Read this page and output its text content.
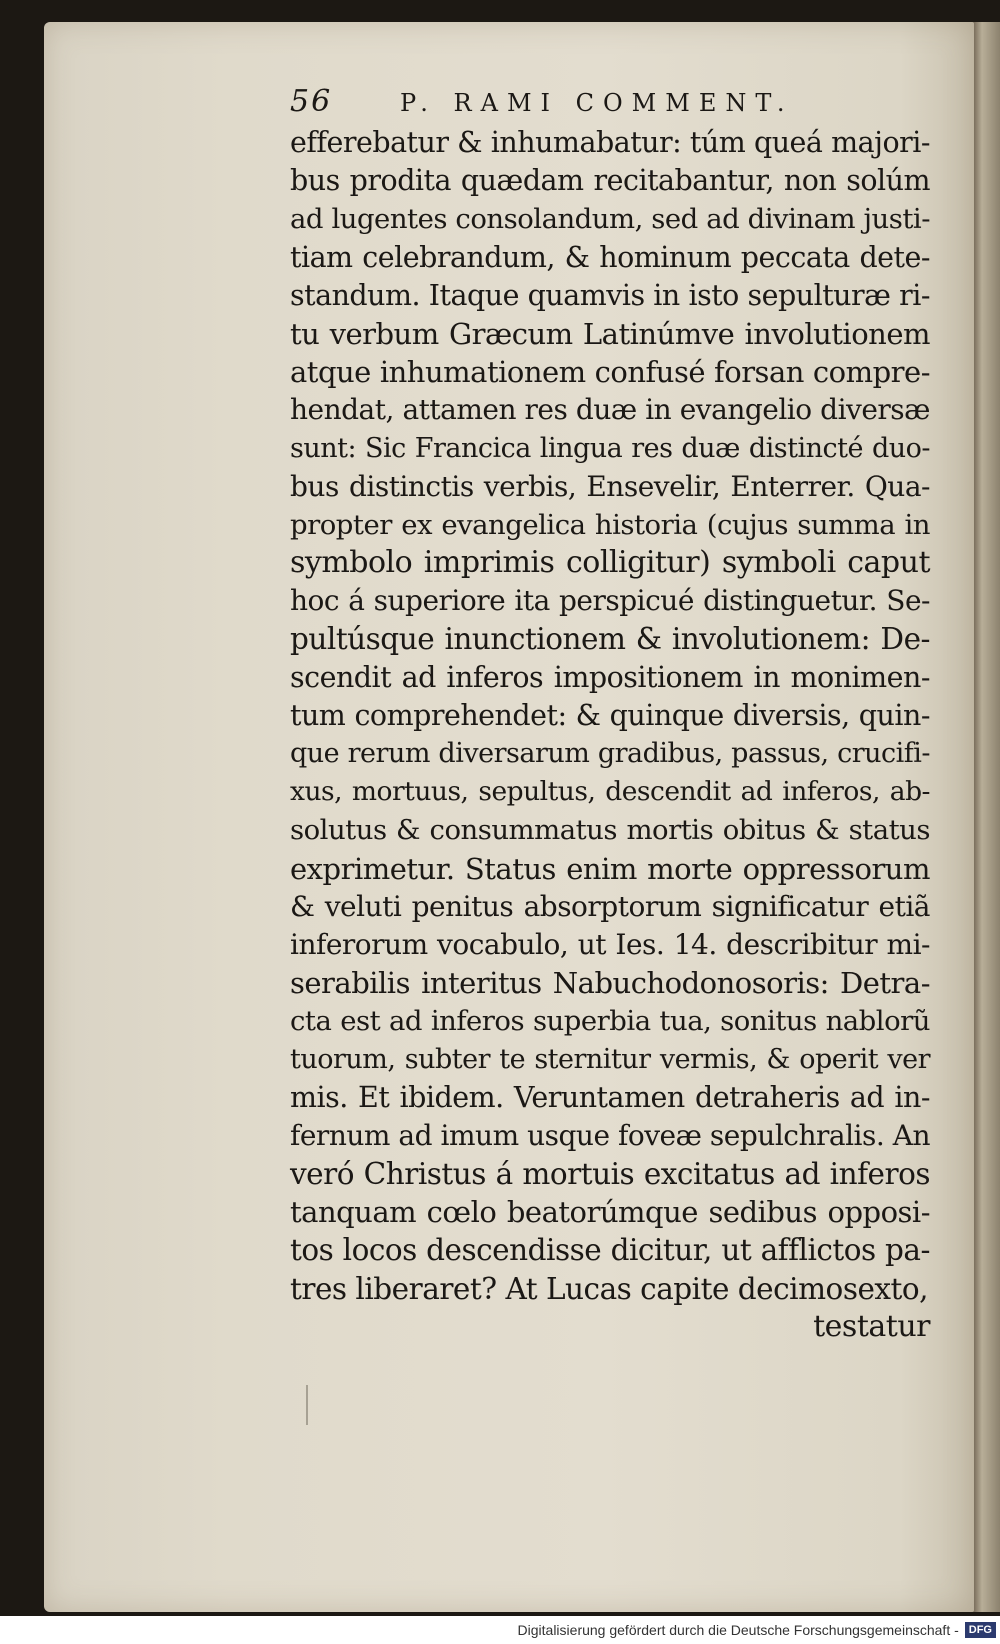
56	P. RAMI COMMENT.
efferebatur & inhumabatur: túm queá majori-
bus prodita quædam recitabantur, non solúm
ad lugentes consolandum, sed ad divinam justi-
tiam celebrandum, & hominum peccata dete-
standum. Itaque quamvis in isto sepulturæ ri-
tu verbum Græcum Latinúmve involutionem
atque inhumationem confusé forsan compre-
hendat, attamen res duæ in evangelio diversæ
sunt: Sic Francica lingua res duæ distincté duo-
bus distinctis verbis, Ensevelir, Enterrer. Qua-
propter ex evangelica historia (cujus summa in
symbolo imprimis colligitur) symboli caput
hoc á superiore ita perspicué distinguetur. Se-
pultúsque inunctionem & involutionem: De-
scendit ad inferos impositionem in monimen-
tum comprehendet: & quinque diversis, quin-
que rerum diversarum gradibus, passus, crucifi-
xus, mortuus, sepultus, descendit ad inferos, ab-
solutus & consummatus mortis obitus & status
exprimetur. Status enim morte oppressorum
& veluti penitus absorptorum significatur etiã
inferorum vocabulo, ut Ies. 14. describitur mi-
serabilis interitus Nabuchodonosoris: Detra-
cta est ad inferos superbia tua, sonitus nablorũ
tuorum, subter te sternitur vermis, & operit ver
mis. Et ibidem. Veruntamen detraheris ad in-
fernum ad imum usque foveæ sepulchralis. An
veró Christus á mortuis excitatus ad inferos
tanquam cœlo beatorúmque sedibus opposi-
tos locos descendisse dicitur, ut afflictos pa-
tres liberaret? At Lucas capite decimosexto,
testatur
Digitalisierung gefördert durch die Deutsche Forschungsgemeinschaft - DFG
